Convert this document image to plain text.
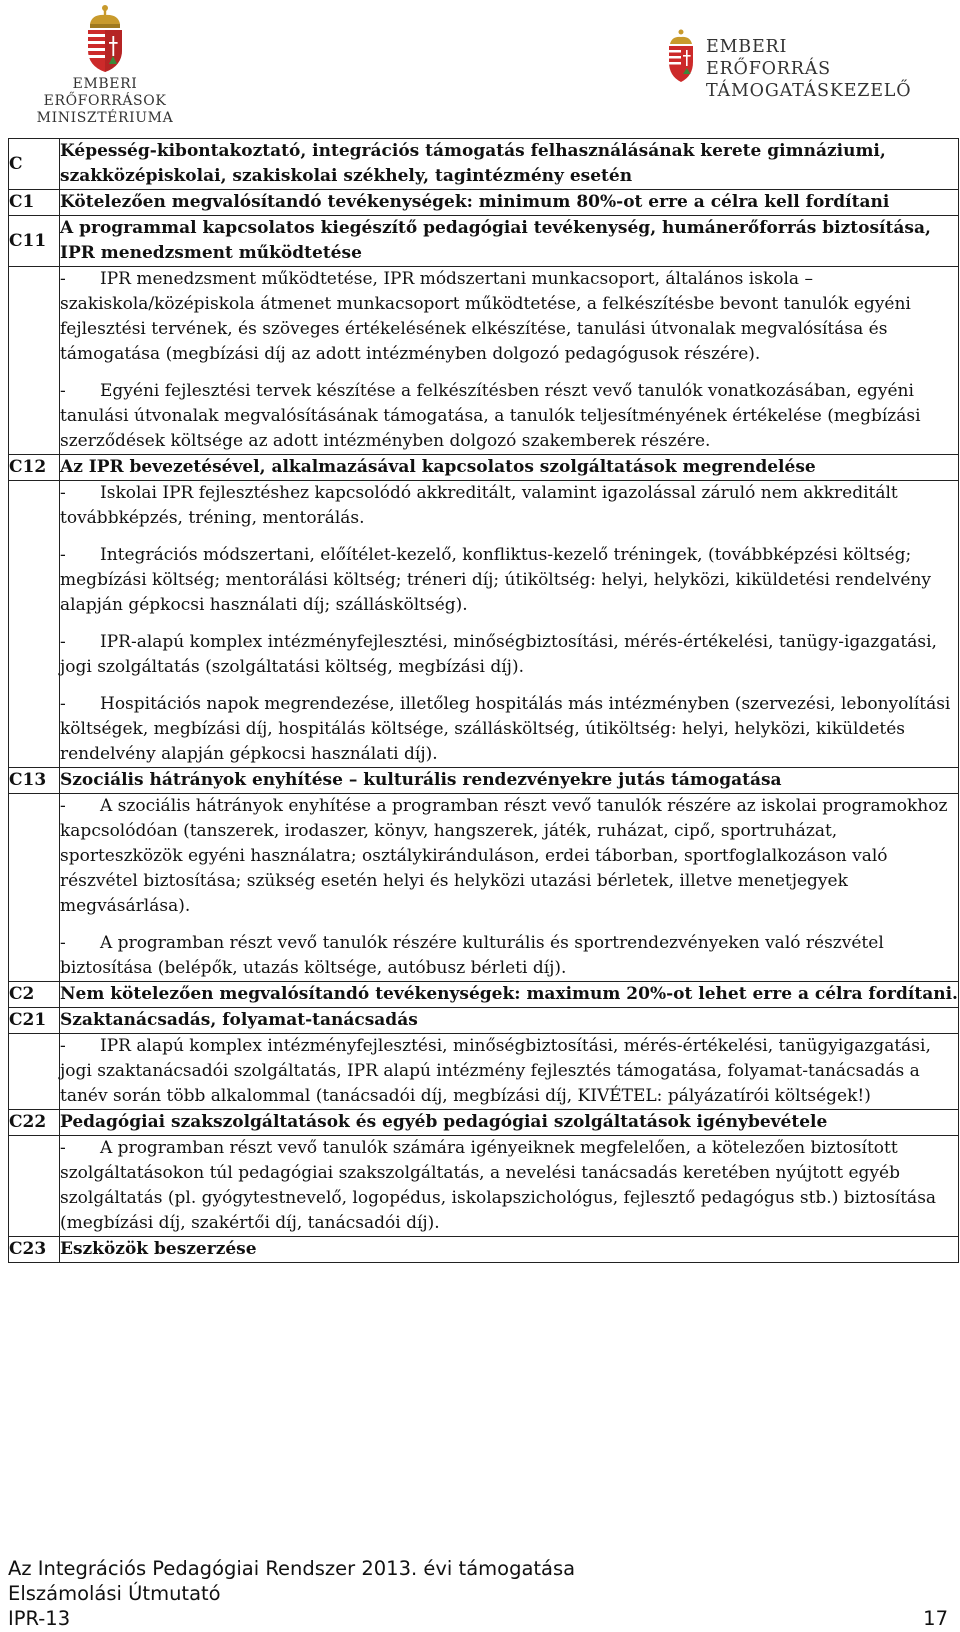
EMBERI ERŐFORRÁSOK MINISZTÉRIUMA
EMBERI ERŐFORRÁS TÁMOGATÁSKEZELŐ
C	Képesség-kibontakoztató, integrációs támogatás felhasználásának kerete gimnáziumi, szakközépiskolai, szakiskolai székhely, tagintézmény esetén

C1	Kötelezően megvalósítandó tevékenységek: minimum 80%-ot erre a célra kell fordítani

C11	A programmal kapcsolatos kiegészítő pedagógiai tevékenység, humánerőforrás biztosítása, IPR menedzsment működtetése

	- IPR menedzsment működtetése, IPR módszertani munkacsoport, általános iskola – szakiskola/középiskola átmenet munkacsoport működtetése, a felkészítésbe bevont tanulók egyéni fejlesztési tervének, és szöveges értékelésének elkészítése, tanulási útvonalak megvalósítása és támogatása (megbízási díj az adott intézményben dolgozó pedagógusok részére).

- Egyéni fejlesztési tervek készítése a felkészítésben részt vevő tanulók vonatkozásában, egyéni tanulási útvonalak megvalósításának támogatása, a tanulók teljesítményének értékelése (megbízási szerződések költsége az adott intézményben dolgozó szakemberek részére.

C12	Az IPR bevezetésével, alkalmazásával kapcsolatos szolgáltatások megrendelése

	- Iskolai IPR fejlesztéshez kapcsolódó akkreditált, valamint igazolással záruló nem akkreditált továbbképzés, tréning, mentorálás.

- Integrációs módszertani, előítélet-kezelő, konfliktus-kezelő tréningek, (továbbképzési költség; megbízási költség; mentorálási költség; tréneri díj; útiköltség: helyi, helyközi, kiküldetési rendelvény alapján gépkocsi használati díj; szállásköltség).

- IPR-alapú komplex intézményfejlesztési, minőségbiztosítási, mérés-értékelési, tanügy-igazgatási, jogi szolgáltatás (szolgáltatási költség, megbízási díj).

- Hospitációs napok megrendezése, illetőleg hospitálás más intézményben (szervezési, lebonyolítási költségek, megbízási díj, hospitálás költsége, szállásköltség, útiköltség: helyi, helyközi, kiküldetés rendelvény alapján gépkocsi használati díj).

C13	Szociális hátrányok enyhítése – kulturális rendezvényekre jutás támogatása

	- A szociális hátrányok enyhítése a programban részt vevő tanulók részére az iskolai programokhoz kapcsolódóan (tanszerek, irodaszer, könyv, hangszerek, játék, ruházat, cipő, sportruházat, sporteszközök egyéni használatra; osztálykiránduláson, erdei táborban, sportfoglalkozáson való részvétel biztosítása; szükség esetén helyi és helyközi utazási bérletek, illetve menetjegyek megvásárlása).

- A programban részt vevő tanulók részére kulturális és sportrendezvényeken való részvétel biztosítása (belépők, utazás költsége, autóbusz bérleti díj).

C2	Nem kötelezően megvalósítandó tevékenységek: maximum 20%-ot lehet erre a célra fordítani.

C21	Szaktanácsadás, folyamat-tanácsadás

	- IPR alapú komplex intézményfejlesztési, minőségbiztosítási, mérés-értékelési, tanügyigazgatási, jogi szaktanácsadói szolgáltatás, IPR alapú intézmény fejlesztés támogatása, folyamat-tanácsadás a tanév során több alkalommal (tanácsadói díj, megbízási díj, KIVÉTEL: pályázatírói költségek!)

C22	Pedagógiai szakszolgáltatások és egyéb pedagógiai szolgáltatások igénybevétele

	- A programban részt vevő tanulók számára igényeiknek megfelelően, a kötelezően biztosított szolgáltatásokon túl pedagógiai szakszolgáltatás, a nevelési tanácsadás keretében nyújtott egyéb szolgáltatás (pl. gyógytestnevelő, logopédus, iskolapszichológus, fejlesztő pedagógus stb.) biztosítása (megbízási díj, szakértői díj, tanácsadói díj).

C23	Eszközök beszerzése
Az Integrációs Pedagógiai Rendszer 2013. évi támogatása
Elszámolási Útmutató
IPR-13	17
